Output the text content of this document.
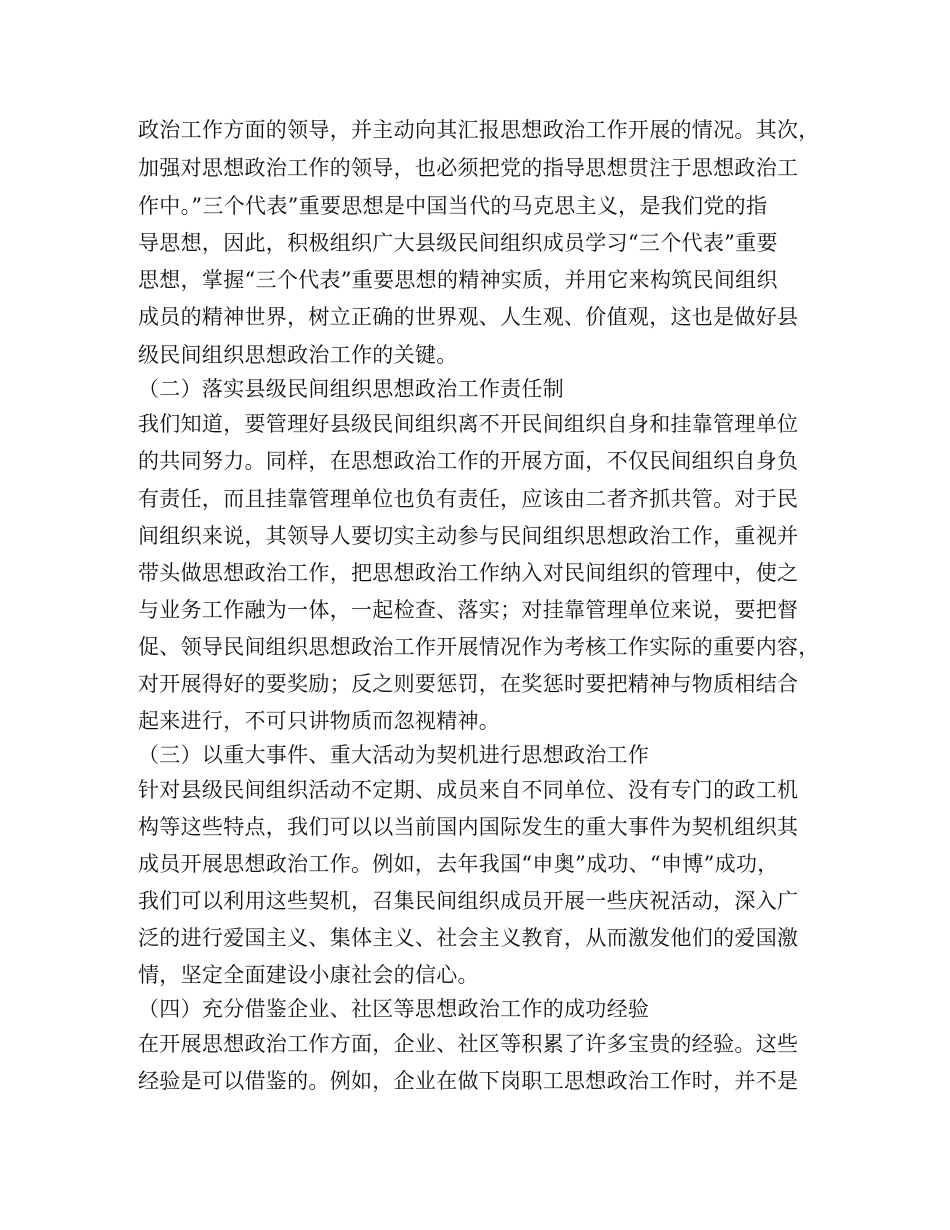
政治工作方面的领导，并主动向其汇报思想政治工作开展的情况。其次，
加强对思想政治工作的领导，也必须把党的指导思想贯注于思想政治工
作中。”三个代表”重要思想是中国当代的马克思主义，是我们党的指
导思想，因此，积极组织广大县级民间组织成员学习“三个代表”重要
思想，掌握“三个代表”重要思想的精神实质，并用它来构筑民间组织
成员的精神世界，树立正确的世界观、人生观、价值观，这也是做好县
级民间组织思想政治工作的关键。
（二）落实县级民间组织思想政治工作责任制
我们知道，要管理好县级民间组织离不开民间组织自身和挂靠管理单位
的共同努力。同样，在思想政治工作的开展方面，不仅民间组织自身负
有责任，而且挂靠管理单位也负有责任，应该由二者齐抓共管。对于民
间组织来说，其领导人要切实主动参与民间组织思想政治工作，重视并
带头做思想政治工作，把思想政治工作纳入对民间组织的管理中，使之
与业务工作融为一体，一起检查、落实；对挂靠管理单位来说，要把督
促、领导民间组织思想政治工作开展情况作为考核工作实际的重要内容，
对开展得好的要奖励；反之则要惩罚，在奖惩时要把精神与物质相结合
起来进行，不可只讲物质而忽视精神。
（三）以重大事件、重大活动为契机进行思想政治工作
针对县级民间组织活动不定期、成员来自不同单位、没有专门的政工机
构等这些特点，我们可以以当前国内国际发生的重大事件为契机组织其
成员开展思想政治工作。例如，去年我国“申奥”成功、“申博”成功，
我们可以利用这些契机，召集民间组织成员开展一些庆祝活动，深入广
泛的进行爱国主义、集体主义、社会主义教育，从而激发他们的爱国激
情，坚定全面建设小康社会的信心。
（四）充分借鉴企业、社区等思想政治工作的成功经验
在开展思想政治工作方面，企业、社区等积累了许多宝贵的经验。这些
经验是可以借鉴的。例如，企业在做下岗职工思想政治工作时，并不是
